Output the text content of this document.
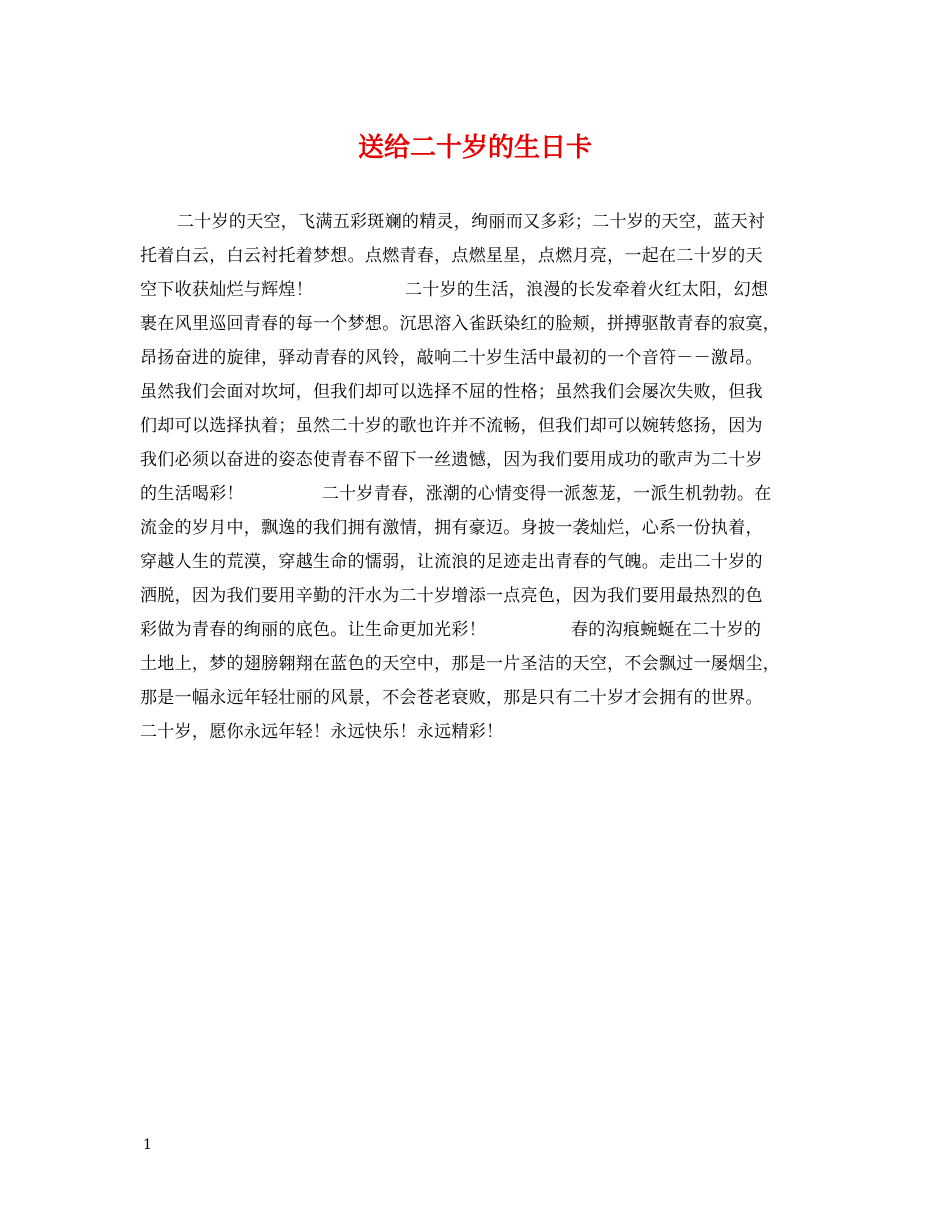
送给二十岁的生日卡
二十岁的天空，飞满五彩斑斓的精灵，绚丽而又多彩；二十岁的天空，蓝天衬
托着白云，白云衬托着梦想。点燃青春，点燃星星，点燃月亮，一起在二十岁的天
空下收获灿烂与辉煌！	二十岁的生活，浪漫的长发牵着火红太阳，幻想
裹在风里巡回青春的每一个梦想。沉思溶入雀跃染红的脸颊，拼搏驱散青春的寂寞，
昂扬奋进的旋律，驿动青春的风铃，敲响二十岁生活中最初的一个音符－－激昂。
虽然我们会面对坎坷，但我们却可以选择不屈的性格；虽然我们会屡次失败，但我
们却可以选择执着；虽然二十岁的歌也许并不流畅，但我们却可以婉转悠扬，因为
我们必须以奋进的姿态使青春不留下一丝遗憾，因为我们要用成功的歌声为二十岁
的生活喝彩！	二十岁青春，涨潮的心情变得一派葱茏，一派生机勃勃。在
流金的岁月中，飘逸的我们拥有激情，拥有豪迈。身披一袭灿烂，心系一份执着，
穿越人生的荒漠，穿越生命的懦弱，让流浪的足迹走出青春的气魄。走出二十岁的
洒脱，因为我们要用辛勤的汗水为二十岁增添一点亮色，因为我们要用最热烈的色
彩做为青春的绚丽的底色。让生命更加光彩！	春的沟痕蜿蜒在二十岁的
土地上，梦的翅膀翱翔在蓝色的天空中，那是一片圣洁的天空，不会飘过一屡烟尘，
那是一幅永远年轻壮丽的风景，不会苍老衰败，那是只有二十岁才会拥有的世界。
二十岁，愿你永远年轻！永远快乐！永远精彩！
1
